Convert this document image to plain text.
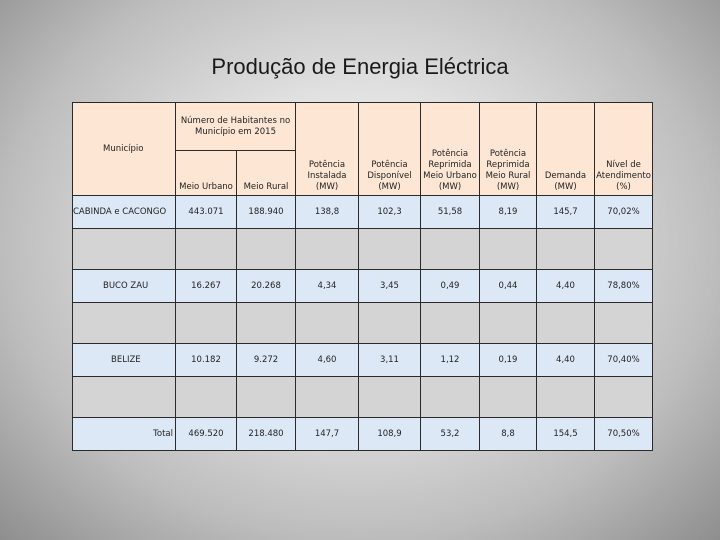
Produção de Energia Eléctrica
Município	Número de Habitantes no Município em 2015		Potência Instalada (MW)	Potência Disponível (MW)	Potência Reprimida Meio Urbano (MW)	Potência Reprimida Meio Rural (MW)	Demanda (MW)	Nível de Atendimento (%)
	Meio Urbano	Meio Rural						
CABINDA e CACONGO	443.071	188.940	138,8	102,3	51,58	8,19	145,7	70,02%

BUCO ZAU	16.267	20.268	4,34	3,45	0,49	0,44	4,40	78,80%

BELIZE	10.182	9.272	4,60	3,11	1,12	0,19	4,40	70,40%

Total	469.520	218.480	147,7	108,9	53,2	8,8	154,5	70,50%
